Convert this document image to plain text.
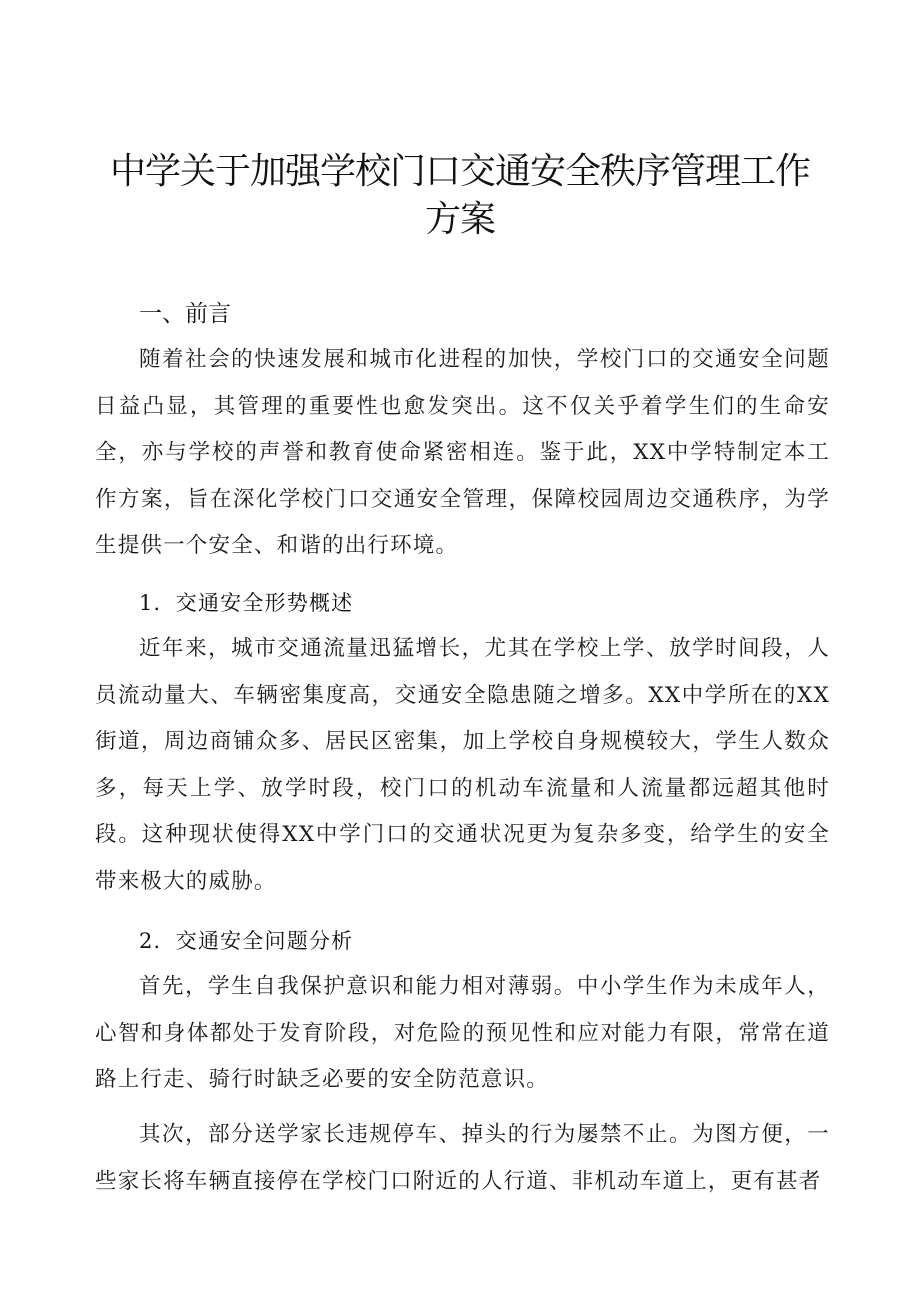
中学关于加强学校门口交通安全秩序管理工作方案

一、前言

随着社会的快速发展和城市化进程的加快，学校门口的交通安全问题日益凸显，其管理的重要性也愈发突出。这不仅关乎着学生们的生命安全，亦与学校的声誉和教育使命紧密相连。鉴于此，XX中学特制定本工作方案，旨在深化学校门口交通安全管理，保障校园周边交通秩序，为学生提供一个安全、和谐的出行环境。

1．交通安全形势概述

近年来，城市交通流量迅猛增长，尤其在学校上学、放学时间段，人员流动量大、车辆密集度高，交通安全隐患随之增多。XX中学所在的XX街道，周边商铺众多、居民区密集，加上学校自身规模较大，学生人数众多，每天上学、放学时段，校门口的机动车流量和人流量都远超其他时段。这种现状使得XX中学门口的交通状况更为复杂多变，给学生的安全带来极大的威胁。

2．交通安全问题分析

首先，学生自我保护意识和能力相对薄弱。中小学生作为未成年人，心智和身体都处于发育阶段，对危险的预见性和应对能力有限，常常在道路上行走、骑行时缺乏必要的安全防范意识。

其次，部分送学家长违规停车、掉头的行为屡禁不止。为图方便，一些家长将车辆直接停在学校门口附近的人行道、非机动车道上，更有甚者
